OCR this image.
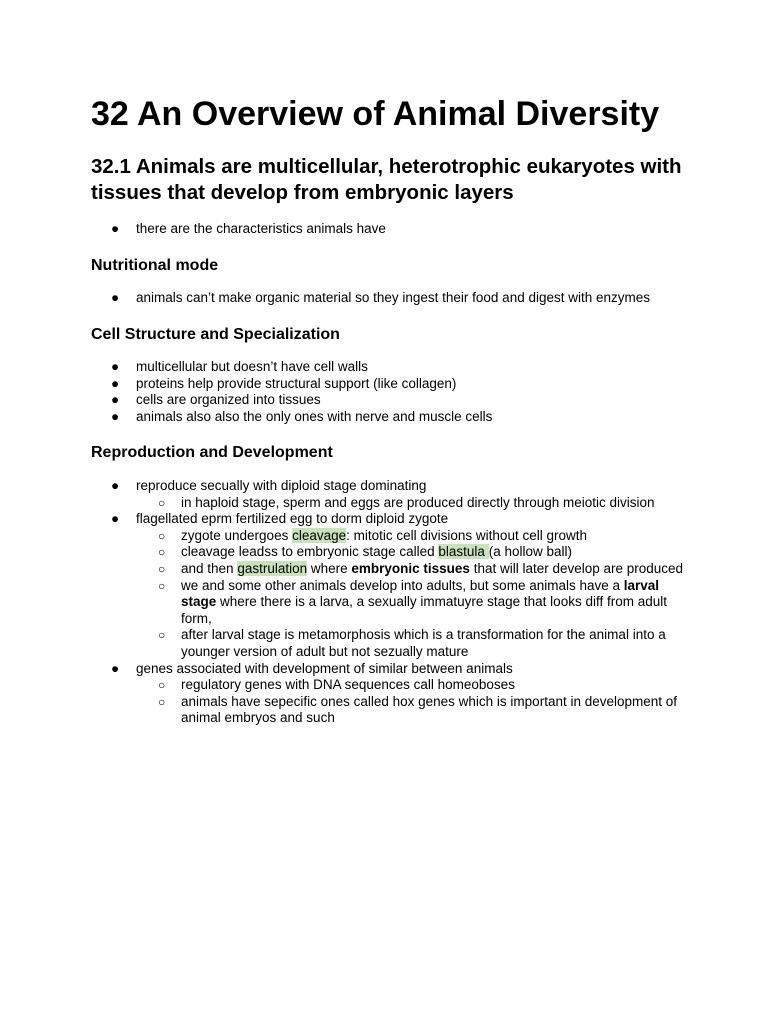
32 An Overview of Animal Diversity
32.1 Animals are multicellular, heterotrophic eukaryotes with tissues that develop from embryonic layers
● there are the characteristics animals have
Nutritional mode
● animals can’t make organic material so they ingest their food and digest with enzymes
Cell Structure and Specialization
● multicellular but doesn’t have cell walls
● proteins help provide structural support (like collagen)
● cells are organized into tissues
● animals also also the only ones with nerve and muscle cells
Reproduction and Development
● reproduce secually with diploid stage dominating
○ in haploid stage, sperm and eggs are produced directly through meiotic division
● flagellated eprm fertilized egg to dorm diploid zygote
○ zygote undergoes cleavage: mitotic cell divisions without cell growth
○ cleavage leadss to embryonic stage called blastula (a hollow ball)
○ and then gastrulation where embryonic tissues that will later develop are produced
○ we and some other animals develop into adults, but some animals have a larval stage where there is a larva, a sexually immatuyre stage that looks diff from adult form,
○ after larval stage is metamorphosis which is a transformation for the animal into a younger version of adult but not sezually mature
● genes associated with development of similar between animals
○ regulatory genes with DNA sequences call homeoboses
○ animals have sepecific ones called hox genes which is important in development of animal embryos and such
